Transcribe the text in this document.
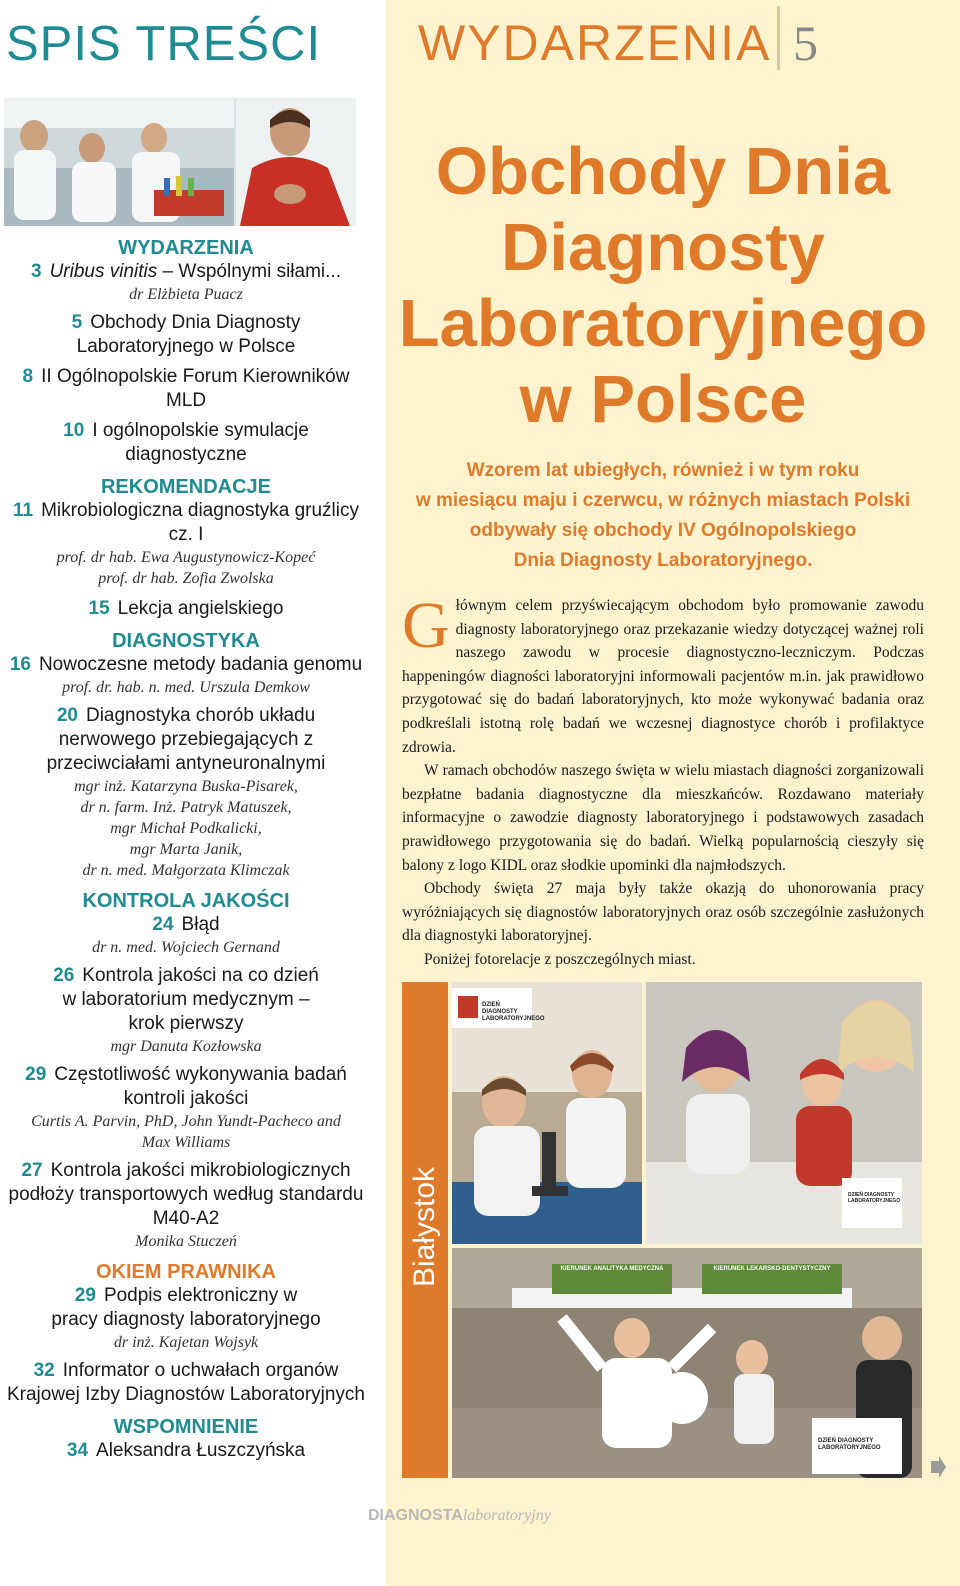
SPIS TREŚCI
WYDARZENIA
3 Uribus vinitis – Wspólnymi siłami...
dr Elżbieta Puacz
5 Obchody Dnia Diagnosty Laboratoryjnego w Polsce
8 II Ogólnopolskie Forum Kierowników MLD
10 I ogólnopolskie symulacje diagnostyczne
REKOMENDACJE
11 Mikrobiologiczna diagnostyka gruźlicy cz. I
prof. dr hab. Ewa Augustynowicz-Kopeć
prof. dr hab. Zofia Zwolska
15 Lekcja angielskiego
DIAGNOSTYKA
16 Nowoczesne metody badania genomu
prof. dr. hab. n. med. Urszula Demkow
20 Diagnostyka chorób układu nerwowego przebiegających z przeciwciałami antyneuronalnymi
mgr inż. Katarzyna Buska-Pisarek,
dr n. farm. Inż. Patryk Matuszek,
mgr Michał Podkalicki,
mgr Marta Janik,
dr n. med. Małgorzata Klimczak
KONTROLA JAKOŚCI
24 Błąd
dr n. med. Wojciech Gernand
26 Kontrola jakości na co dzień w laboratorium medycznym – krok pierwszy
mgr Danuta Kozłowska
29 Częstotliwość wykonywania badań kontroli jakości
Curtis A. Parvin, PhD, John Yundt-Pacheco and Max Williams
27 Kontrola jakości mikrobiologicznych podłoży transportowych według standardu M40-A2
Monika Stuczeń
OKIEM PRAWNIKA
29 Podpis elektroniczny w pracy diagnosty laboratoryjnego
dr inż. Kajetan Wojsyk
32 Informator o uchwałach organów Krajowej Izby Diagnostów Laboratoryjnych
WSPOMNIENIE
34 Aleksandra Łuszczyńska
WYDARZENIA 5
Obchody Dnia
Diagnosty
Laboratoryjnego
w Polsce
Wzorem lat ubiegłych, również i w tym roku
w miesiącu maju i czerwcu, w różnych miastach Polski
odbywały się obchody IV Ogólnopolskiego
Dnia Diagnosty Laboratoryjnego.

Głównym celem przyświecającym obchodom było promowanie zawodu diagnosty laboratoryjnego oraz przekazanie wiedzy dotyczącej ważnej roli naszego zawodu w procesie diagnostyczno-leczniczym. Podczas happeningów diagności laboratoryjni informowali pacjentów m.in. jak prawidłowo przygotować się do badań laboratoryjnych, kto może wykonywać badania oraz podkreślali istotną rolę badań we wczesnej diagnostyce chorób i profilaktyce zdrowia.

W ramach obchodów naszego święta w wielu miastach diagności zorganizowali bezpłatne badania diagnostyczne dla mieszkańców. Rozdawano materiały informacyjne o zawodzie diagnosty laboratoryjnego i podstawowych zasadach prawidłowego przygotowania się do badań. Wielką popularnością cieszyły się balony z logo KIDL oraz słodkie upominki dla najmłodszych.

Obchody święta 27 maja były także okazją do uhonorowania pracy wyróżniających się diagnostów laboratoryjnych oraz osób szczególnie zasłużonych dla diagnostyki laboratoryjnej.

Poniżej fotorelacje z poszczególnych miast.

Białystok
DZIEŃ DIAGNOSTY LABORATORYJNEGO
DZIEŃ DIAGNOSTY LABORATORYJNEGO
KIERUNEK ANALITYKA MEDYCZNA	KIERUNEK LEKARSKO-DENTYSTYCZNY
DZIEŃ DIAGNOSTY LABORATORYJNEGO
DIAGNOSTAlaboratoryjny
